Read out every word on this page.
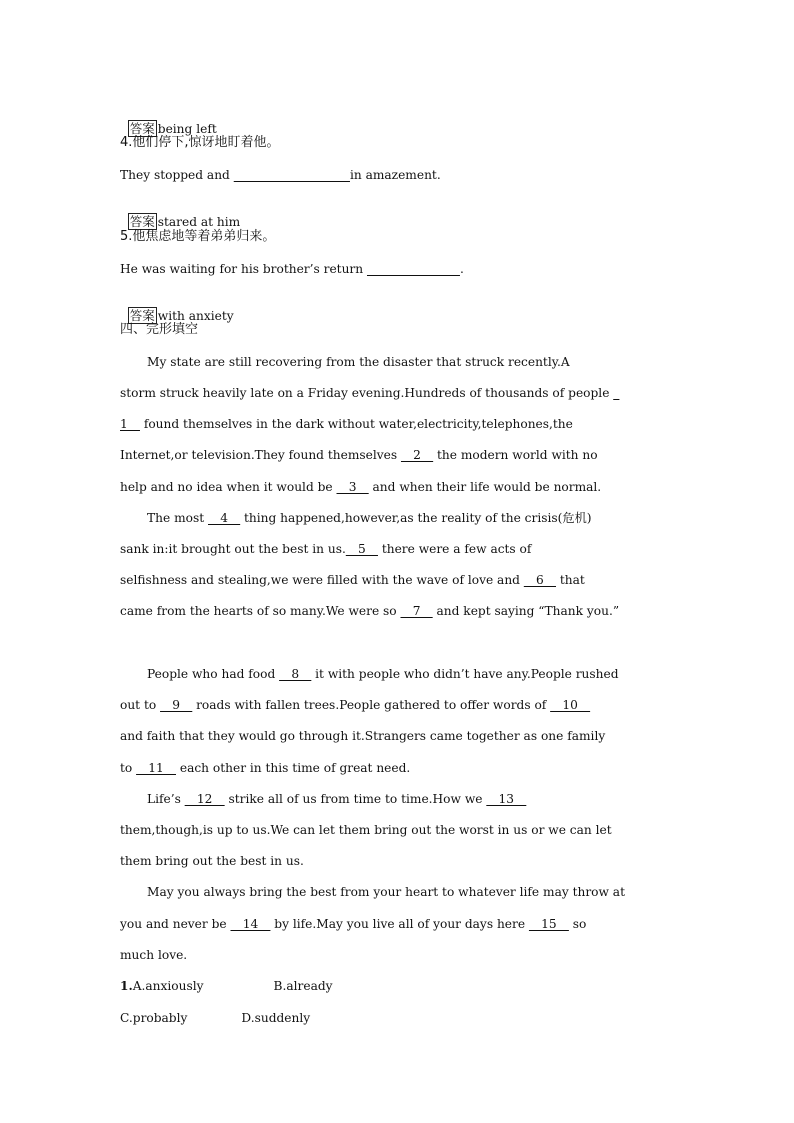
答案 being left

4.他们停下,惊讶地盯着他。
They stopped and	in amazement.

答案 stared at him

5.他焦虑地等着弟弟归来。
He was waiting for his brother’s return	.

答案 with anxiety

四、完形填空
My state are still recovering from the disaster that struck recently.A
storm struck heavily late on a Friday evening.Hundreds of thousands of people _
1__ found themselves in the dark without water,electricity,telephones,the
Internet,or television.They found themselves __2__ the modern world with no
help and no idea when it would be __3__ and when their life would be normal.
The most __4__ thing happened,however,as the reality of the crisis(危机)
sank in:it brought out the best in us.__5__ there were a few acts of
selfishness and stealing,we were filled with the wave of love and __6__ that
came from the hearts of so many.We were so __7__ and kept saying “Thank you.”
People who had food __8__ it with people who didn’t have any.People rushed
out to __9__ roads with fallen trees.People gathered to offer words of __10__
and faith that they would go through it.Strangers came together as one family
to __11__ each other in this time of great need.
Life’s __12__ strike all of us from time to time.How we __13__
them,though,is up to us.We can let them bring out the worst in us or we can let
them bring out the best in us.
May you always bring the best from your heart to whatever life may throw at
you and never be __14__ by life.May you live all of your days here __15__ so
much love.
1.A.anxiously	B.already
C.probably	D.suddenly
